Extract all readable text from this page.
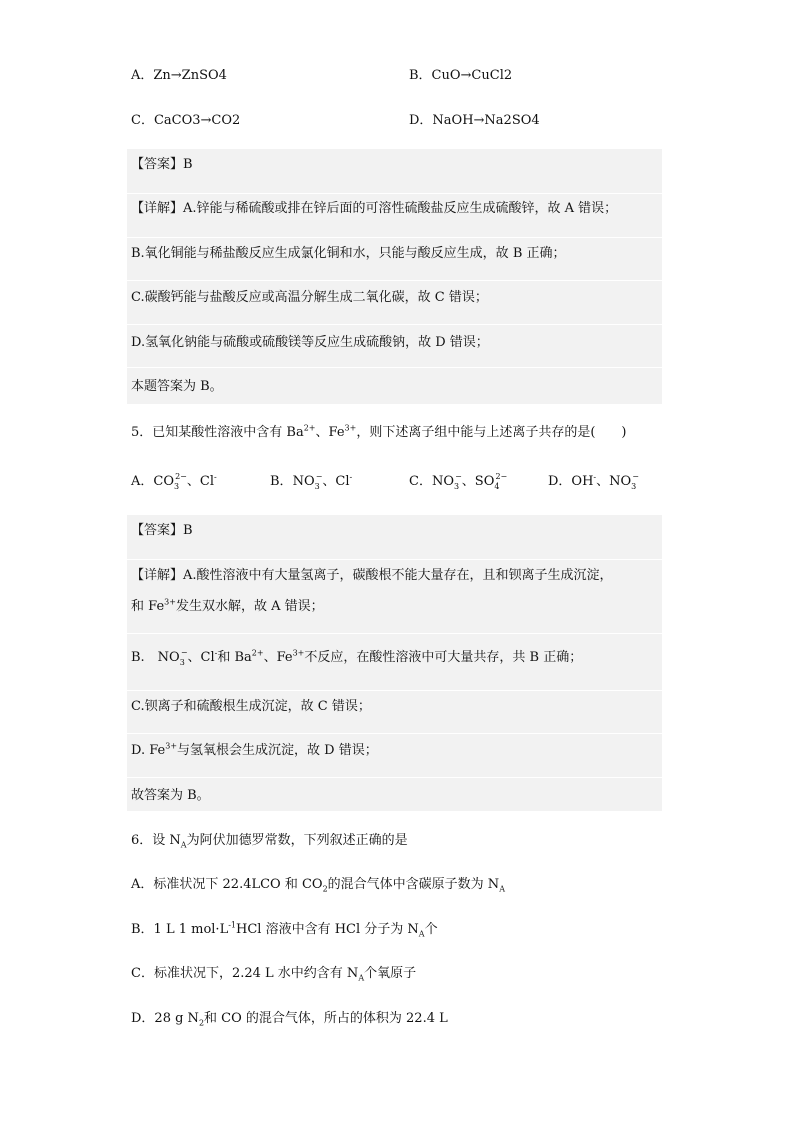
A．Zn→ZnSO4	B．CuO→CuCl2
C．CaCO3→CO2	D．NaOH→Na2SO4
【答案】B
【详解】A.锌能与稀硫酸或排在锌后面的可溶性硫酸盐反应生成硫酸锌，故 A 错误；
B.氧化铜能与稀盐酸反应生成氯化铜和水，只能与酸反应生成，故 B 正确；
C.碳酸钙能与盐酸反应或高温分解生成二氧化碳，故 C 错误；
D.氢氧化钠能与硫酸或硫酸镁等反应生成硫酸钠，故 D 错误；
本题答案为 B。
5．已知某酸性溶液中含有 $Ba^{2+}$、$Fe^{3+}$，则下述离子组中能与上述离子共存的是(　　)
A．$CO_3^{2-}$、Cl-	B．$NO_3^-$、Cl-	C．$NO_3^-$、$SO_4^{2-}$	D．OH-、$NO_3^-$
【答案】B
【详解】A.酸性溶液中有大量氢离子，碳酸根不能大量存在，且和钡离子生成沉淀，
和 $Fe^{3+}$发生双水解，故 A 错误；
B.　$NO_3^-$、Cl-和 $Ba^{2+}$、$Fe^{3+}$不反应，在酸性溶液中可大量共存，共 B 正确；
C.钡离子和硫酸根生成沉淀，故 C 错误；
D. $Fe^{3+}$与氢氧根会生成沉淀，故 D 错误；
故答案为 B。
6．设 $N_A$为阿伏加德罗常数，下列叙述正确的是
A．标准状况下 22.4LCO 和 $CO_2$的混合气体中含碳原子数为 $N_A$
B．1 L 1 $mol\cdot L^{-1}HCl$ 溶液中含有 HCl 分子为 $N_A$个
C．标准状况下，2.24 L 水中约含有 $N_A$个氧原子
D．28 g $N_2$和 CO 的混合气体，所占的体积为 22.4 L
